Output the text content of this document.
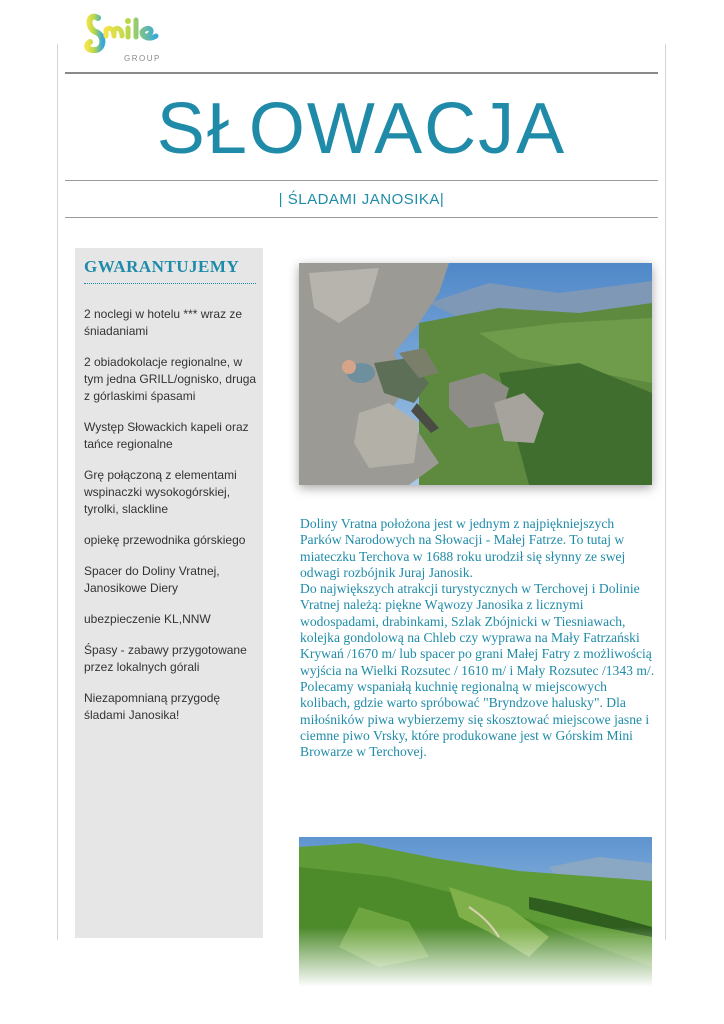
GROUP
SŁOWACJA
| ŚLADAMI JANOSIKA|
GWARANTUJEMY
2 noclegi w hotelu *** wraz ze śniadaniami
2 obiadokolacje regionalne, w tym jedna GRILL/ognisko, druga z górlaskimi śpasami
Występ Słowackich kapeli oraz tańce regionalne
Grę połączoną z elementami wspinaczki wysokogórskiej, tyrolki, slackline
opiekę przewodnika górskiego
Spacer do Doliny Vratnej, Janosikowe Diery
ubezpieczenie KL,NNW
Śpasy - zabawy przygotowane przez lokalnych górali
Niezapomnianą przygodę śladami Janosika!
Doliny Vratna położona jest w jednym z najpiękniejszych Parków Narodowych na Słowacji - Małej Fatrze. To tutaj w miateczku Terchova w 1688 roku urodził się słynny ze swej odwagi rozbójnik Juraj Janosik.
Do największych atrakcji turystycznych w Terchovej i Dolinie Vratnej należą: piękne Wąwozy Janosika z licznymi wodospadami, drabinkami, Szlak Zbójnicki w Tiesniawach, kolejka gondolową na Chleb czy wyprawa na Mały Fatrzański Krywań /1670 m/ lub spacer po grani Małej Fatry z możliwością wyjścia na Wielki Rozsutec / 1610 m/ i Mały Rozsutec /1343 m/. Polecamy wspaniałą kuchnię regionalną w miejscowych kolibach, gdzie warto spróbować "Bryndzove halusky". Dla miłośników piwa wybierzemy się skosztować miejscowe jasne i ciemne piwo Vrsky, które produkowane jest w Górskim Mini Browarze w Terchovej.
